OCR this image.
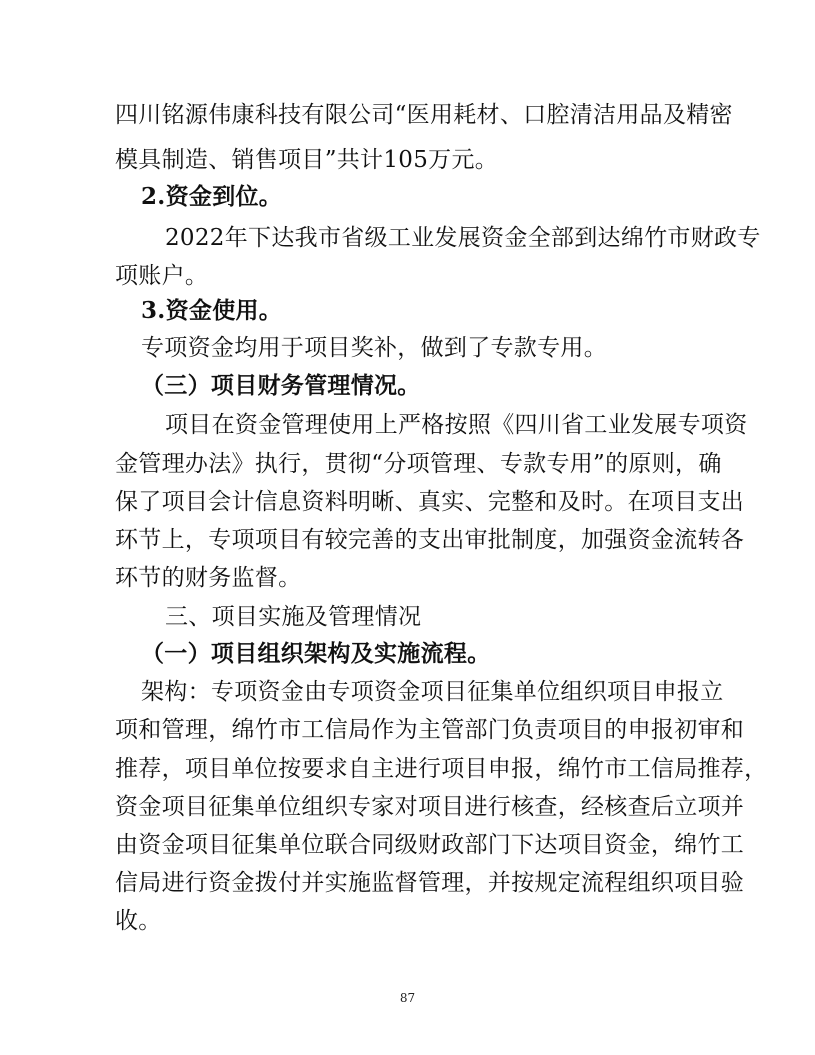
四川铭源伟康科技有限公司“医用耗材、口腔清洁用品及精密
模具制造、销售项目”共计105万元。
2.资金到位。
2022年下达我市省级工业发展资金全部到达绵竹市财政专
项账户。
3.资金使用。
专项资金均用于项目奖补，做到了专款专用。
（三）项目财务管理情况。
项目在资金管理使用上严格按照《四川省工业发展专项资
金管理办法》执行，贯彻“分项管理、专款专用”的原则，确
保了项目会计信息资料明晰、真实、完整和及时。在项目支出
环节上，专项项目有较完善的支出审批制度，加强资金流转各
环节的财务监督。
三、项目实施及管理情况
（一）项目组织架构及实施流程。
架构：专项资金由专项资金项目征集单位组织项目申报立
项和管理，绵竹市工信局作为主管部门负责项目的申报初审和
推荐，项目单位按要求自主进行项目申报，绵竹市工信局推荐，
资金项目征集单位组织专家对项目进行核查，经核查后立项并
由资金项目征集单位联合同级财政部门下达项目资金，绵竹工
信局进行资金拨付并实施监督管理，并按规定流程组织项目验
收。
87
